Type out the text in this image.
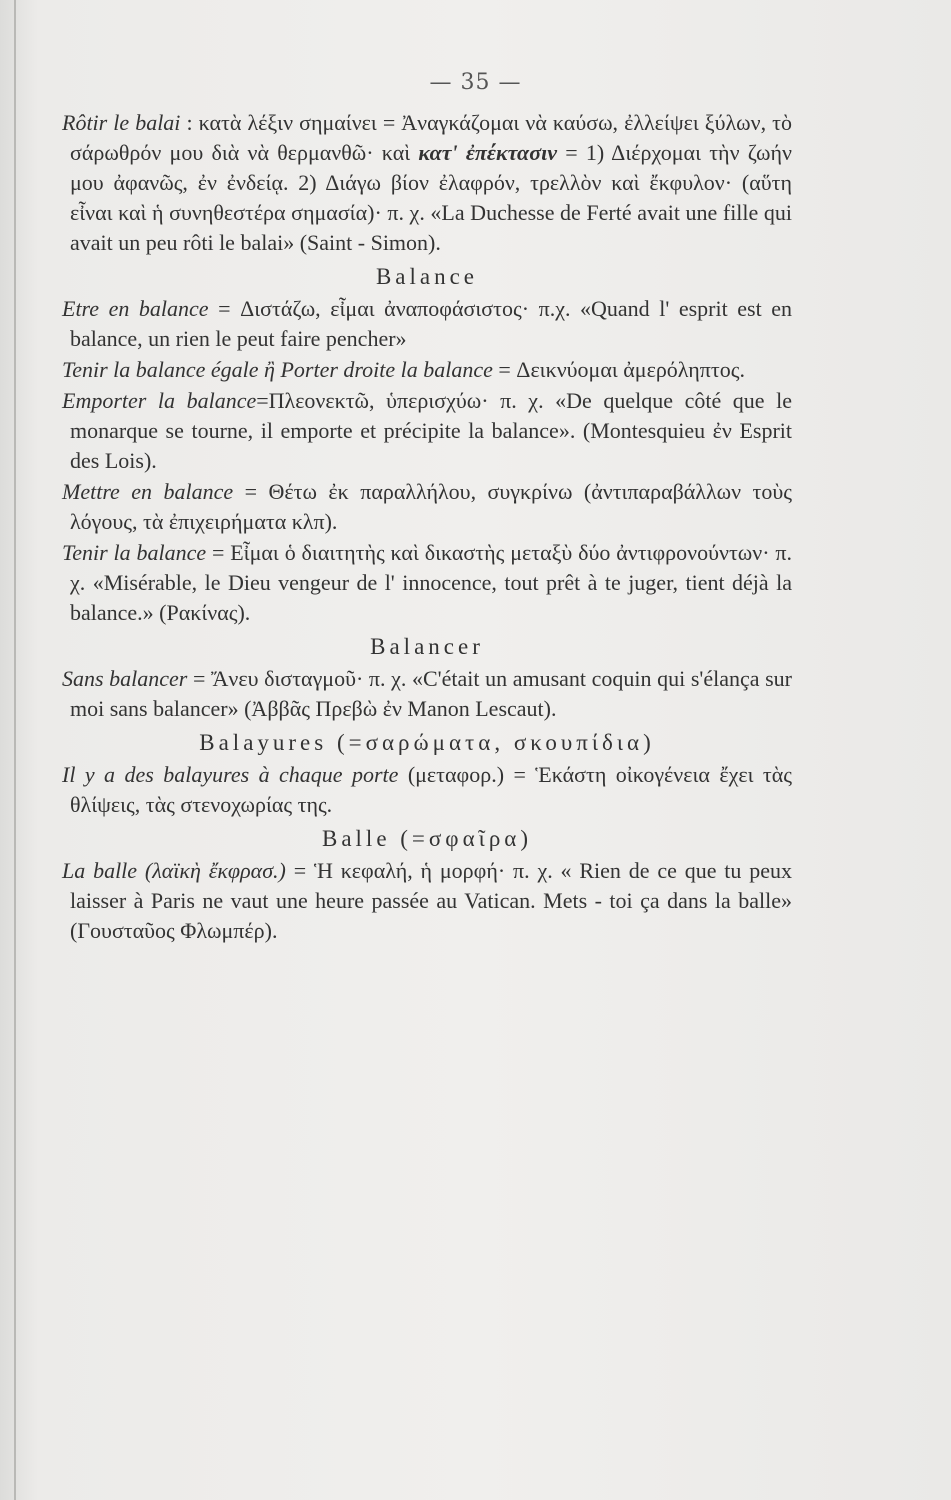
— 35 —

Rôtir le balai : κατὰ λέξιν σημαίνει = Ἀναγκάζομαι νὰ καύσω, ἐλλείψει ξύλων, τὸ σάρωθρόν μου διὰ νὰ θερμανθῶ· καὶ κατ' ἐπέκτασιν = 1) Διέρχομαι τὴν ζωήν μου ἀφανῶς, ἐν ἐνδείᾳ. 2) Διάγω βίον ἐλαφρόν, τρελλὸν καὶ ἔκφυλον· (αὕτη εἶναι καὶ ἡ συνηθεστέρα σημασία)· π. χ. «La Duchesse de Ferté avait une fille qui avait un peu rôti le balai» (Saint - Simon).

Balance

Etre en balance = Διστάζω, εἶμαι ἀναποφάσιστος· π.χ. «Quand l' esprit est en balance, un rien le peut faire pencher»

Tenir la balance égale ἢ Porter droite la balance = Δεικνύομαι ἀμερόληπτος.

Emporter la balance=Πλεονεκτῶ, ὑπερισχύω· π. χ. «De quelque côté que le monarque se tourne, il emporte et précipite la balance». (Montesquieu ἐν Esprit des Lois).

Mettre en balance = Θέτω ἐκ παραλλήλου, συγκρίνω (ἀντιπαραβάλλων τοὺς λόγους, τὰ ἐπιχειρήματα κλπ).

Tenir la balance = Εἶμαι ὁ διαιτητὴς καὶ δικαστὴς μεταξὺ δύο ἀντιφρονούντων· π. χ. «Misérable, le Dieu vengeur de l' innocence, tout prêt à te juger, tient déjà la balance.» (Ρακίνας).

Balancer

Sans balancer = Ἄνευ δισταγμοῦ· π. χ. «C'était un amusant coquin qui s'élança sur moi sans balancer» (Ἀββᾶς Πρεβὼ ἐν Manon Lescaut).

Balayures (=σαρώματα, σκουπίδια)

Il y a des balayures à chaque porte (μεταφορ.) = Ἑκάστη οἰκογένεια ἔχει τὰς θλίψεις, τὰς στενοχωρίας της.

Balle (=σφαῖρα)

La balle (λαϊκὴ ἔκφρασ.) = Ἡ κεφαλή, ἡ μορφή· π. χ. « Rien de ce que tu peux laisser à Paris ne vaut une heure passée au Vatican. Mets - toi ça dans la balle» (Γουσταῦος Φλωμπέρ).
